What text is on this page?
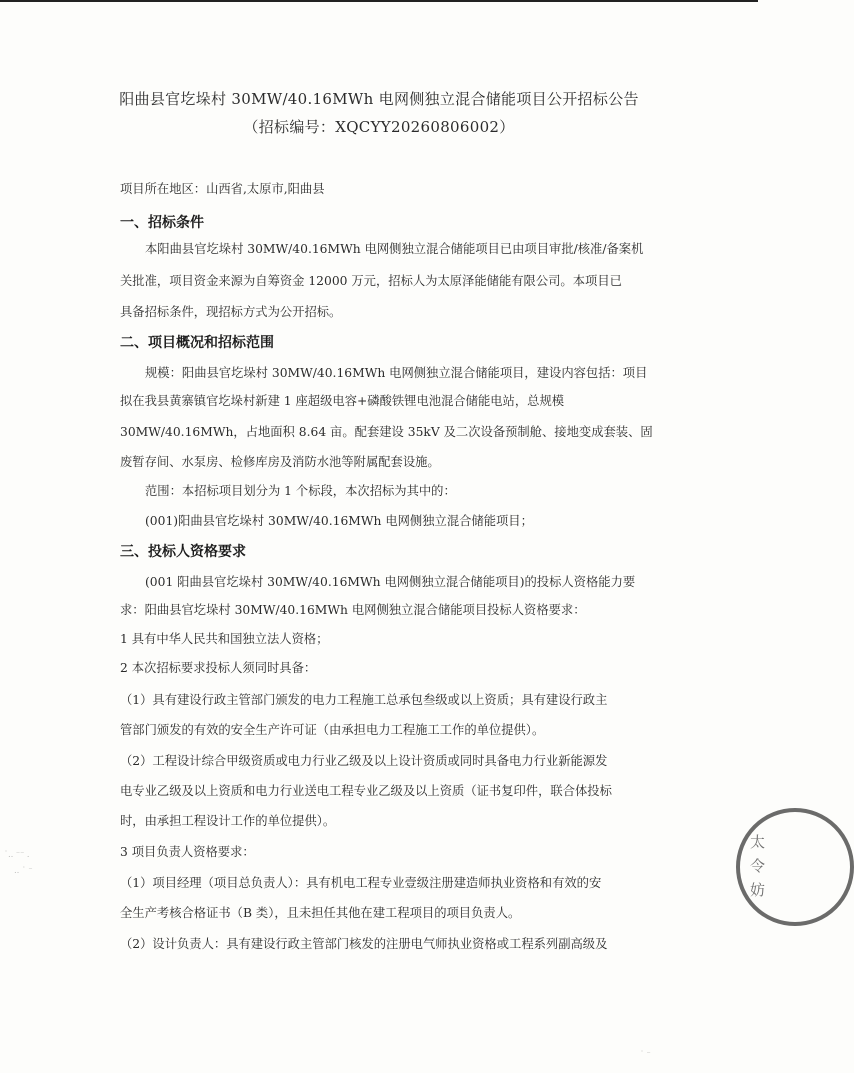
阳曲县官圪垛村 30MW/40.16MWh 电网侧独立混合储能项目公开招标公告
（招标编号：XQCYY20260806002）
项目所在地区：山西省,太原市,阳曲县
一、招标条件
本阳曲县官圪垛村 30MW/40.16MWh 电网侧独立混合储能项目已由项目审批/核准/备案机
关批准，项目资金来源为自筹资金 12000 万元，招标人为太原泽能储能有限公司。本项目已
具备招标条件，现招标方式为公开招标。
二、项目概况和招标范围
规模：阳曲县官圪垛村 30MW/40.16MWh 电网侧独立混合储能项目，建设内容包括：项目
拟在我县黄寨镇官圪垛村新建 1 座超级电容+磷酸铁锂电池混合储能电站，总规模
30MW/40.16MWh，占地面积 8.64 亩。配套建设 35kV 及二次设备预制舱、接地变成套装、固
废暂存间、水泵房、检修库房及消防水池等附属配套设施。
范围：本招标项目划分为 1 个标段，本次招标为其中的：
(001)阳曲县官圪垛村 30MW/40.16MWh 电网侧独立混合储能项目；
三、投标人资格要求
(001 阳曲县官圪垛村 30MW/40.16MWh 电网侧独立混合储能项目)的投标人资格能力要
求：阳曲县官圪垛村 30MW/40.16MWh 电网侧独立混合储能项目投标人资格要求：
1 具有中华人民共和国独立法人资格；
2 本次招标要求投标人须同时具备：
（1）具有建设行政主管部门颁发的电力工程施工总承包叁级或以上资质；具有建设行政主
管部门颁发的有效的安全生产许可证（由承担电力工程施工工作的单位提供）。
（2）工程设计综合甲级资质或电力行业乙级及以上设计资质或同时具备电力行业新能源发
电专业乙级及以上资质和电力行业送电工程专业乙级及以上资质（证书复印件，联合体投标
时，由承担工程设计工作的单位提供）。
3 项目负责人资格要求：
（1）项目经理（项目总负责人）：具有机电工程专业壹级注册建造师执业资格和有效的安
全生产考核合格证书（B 类），且未担任其他在建工程项目的项目负责人。
（2）设计负责人：具有建设行政主管部门核发的注册电气师执业资格或工程系列副高级及
太
令
妨
˙‥ ⁻⁻ .
‥ ˙ ⁻
˙ ⁻
